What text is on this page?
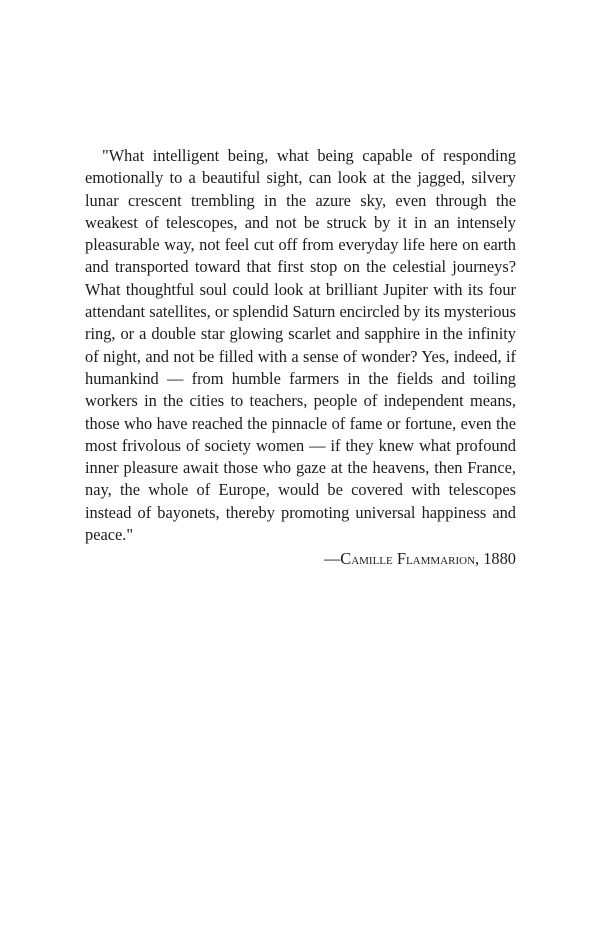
"What intelligent being, what being capable of responding emotionally to a beautiful sight, can look at the jagged, silvery lunar crescent trembling in the azure sky, even through the weakest of telescopes, and not be struck by it in an intensely pleasurable way, not feel cut off from everyday life here on earth and transported toward that first stop on the celestial journeys? What thoughtful soul could look at brilliant Jupiter with its four attendant satellites, or splendid Saturn encircled by its mysterious ring, or a double star glowing scarlet and sapphire in the infinity of night, and not be filled with a sense of wonder? Yes, indeed, if humankind — from humble farmers in the fields and toiling workers in the cities to teachers, people of independent means, those who have reached the pinnacle of fame or fortune, even the most frivolous of society women — if they knew what profound inner pleasure await those who gaze at the heavens, then France, nay, the whole of Europe, would be covered with telescopes instead of bayonets, thereby promoting universal happiness and peace."

—Camille Flammarion, 1880
